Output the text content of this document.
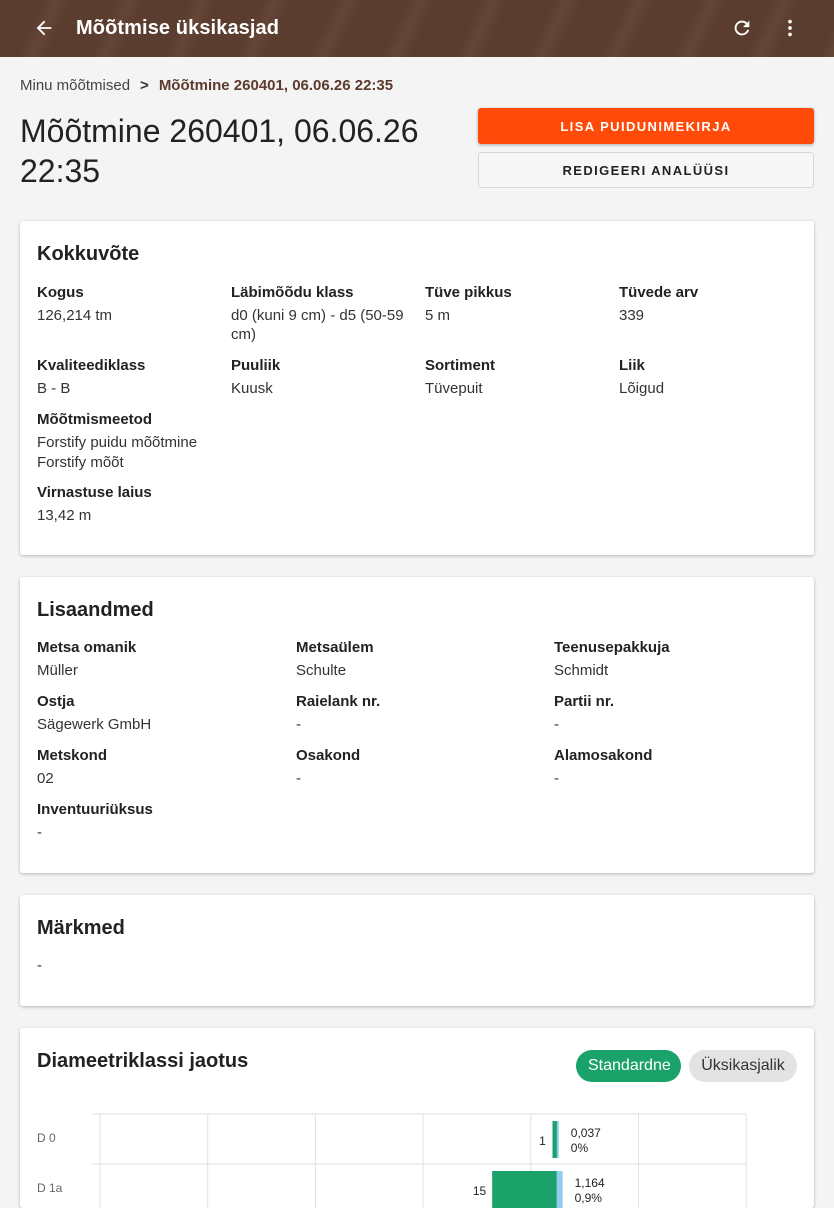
Mõõtmise üksikasjad
Minu mõõtmised > Mõõtmine 260401, 06.06.26 22:35
Mõõtmine 260401, 06.06.26 22:35
LISA PUIDUNIMEKIRJA
REDIGEERI ANALÜÜSI
Kokkuvõte
Kogus
126,214 tm
Läbimõõdu klass
d0 (kuni 9 cm) - d5 (50-59 cm)
Tüve pikkus
5 m
Tüvede arv
339
Kvaliteediklass
B - B
Puuliik
Kuusk
Sortiment
Tüvepuit
Liik
Lõigud
Mõõtmismeetod
Forstify puidu mõõtmine
Forstify mõõt
Virnastuse laius
13,42 m
Lisaandmed
Metsa omanik
Müller
Metsaülem
Schulte
Teenusepakkuja
Schmidt
Ostja
Sägewerk GmbH
Raielank nr.
-
Partii nr.
-
Metskond
02
Osakond
-
Alamosakond
-
Inventuuriüksus
-
Märkmed
-
Diameetriklassi jaotus	Standardne	Üksikasjalik
D 0	1
0,037
0%
D 1a	15
1,164
0,9%
